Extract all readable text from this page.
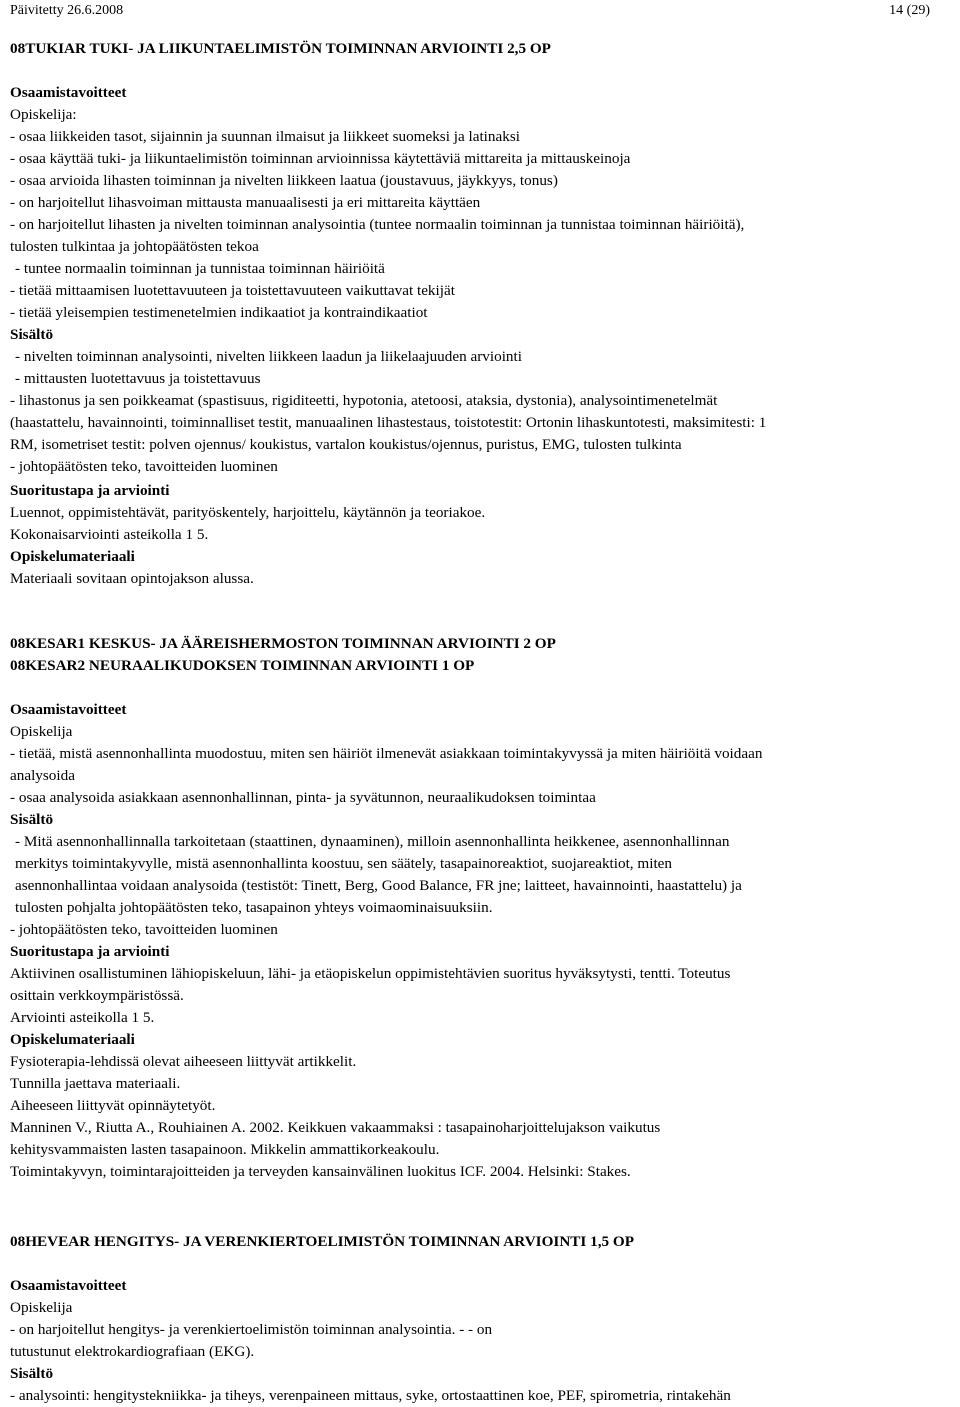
Päivitetty 26.6.2008	14 (29)
08TUKIAR TUKI- JA LIIKUNTAELIMISTÖN TOIMINNAN ARVIOINTI 2,5 OP
Osaamistavoitteet
Opiskelija:
- osaa liikkeiden tasot, sijainnin ja suunnan ilmaisut ja liikkeet suomeksi ja latinaksi
- osaa käyttää tuki- ja liikuntaelimistön toiminnan arvioinnissa käytettäviä mittareita ja mittauskeinoja
- osaa arvioida lihasten toiminnan ja nivelten liikkeen laatua (joustavuus, jäykkyys, tonus)
- on harjoitellut lihasvoiman mittausta manuaalisesti ja eri mittareita käyttäen
- on harjoitellut lihasten ja nivelten toiminnan analysointia (tuntee normaalin toiminnan ja tunnistaa toiminnan häiriöitä),
tulosten tulkintaa ja johtopäätösten tekoa
- tuntee normaalin toiminnan ja tunnistaa toiminnan häiriöitä
- tietää mittaamisen luotettavuuteen ja toistettavuuteen vaikuttavat tekijät
- tietää yleisempien testimenetelmien indikaatiot ja kontraindikaatiot
Sisältö
- nivelten toiminnan analysointi, nivelten liikkeen laadun ja liikelaajuuden arviointi
- mittausten luotettavuus ja toistettavuus
- lihastonus ja sen poikkeamat (spastisuus, rigiditeetti, hypotonia, atetoosi, ataksia, dystonia), analysointimenetelmät
(haastattelu, havainnointi, toiminnalliset testit, manuaalinen lihastestaus, toistotestit: Ortonin lihaskuntotesti, maksimitesti: 1
RM, isometriset testit: polven ojennus/ koukistus, vartalon koukistus/ojennus, puristus, EMG, tulosten tulkinta
- johtopäätösten teko, tavoitteiden luominen
Suoritustapa ja arviointi
Luennot, oppimistehtävät, parityöskentely, harjoittelu, käytännön ja teoriakoe.
Kokonaisarviointi asteikolla 1 5.
Opiskelumateriaali
Materiaali sovitaan opintojakson alussa.
08KESAR1 KESKUS- JA ÄÄREISHERMOSTON TOIMINNAN ARVIOINTI 2 OP
08KESAR2 NEURAALIKUDOKSEN TOIMINNAN ARVIOINTI 1 OP
Osaamistavoitteet
Opiskelija
- tietää, mistä asennonhallinta muodostuu, miten sen häiriöt ilmenevät asiakkaan toimintakyvyssä ja miten häiriöitä voidaan
analysoida
- osaa analysoida asiakkaan asennonhallinnan, pinta- ja syvätunnon, neuraalikudoksen toimintaa
Sisältö
- Mitä asennonhallinnalla tarkoitetaan (staattinen, dynaaminen), milloin asennonhallinta heikkenee, asennonhallinnan
merkitys toimintakyvylle, mistä asennonhallinta koostuu, sen säätely, tasapainoreaktiot, suojareaktiot, miten
asennonhallintaa voidaan analysoida (testistöt: Tinett, Berg, Good Balance, FR jne; laitteet, havainnointi, haastattelu) ja
tulosten pohjalta johtopäätösten teko, tasapainon yhteys voimaominaisuuksiin.
- johtopäätösten teko, tavoitteiden luominen
Suoritustapa ja arviointi
Aktiivinen osallistuminen lähiopiskeluun, lähi- ja etäopiskelun oppimistehtävien suoritus hyväksytysti, tentti. Toteutus
osittain verkkoympäristössä.
Arviointi asteikolla 1 5.
Opiskelumateriaali
Fysioterapia-lehdissä olevat aiheeseen liittyvät artikkelit.
Tunnilla jaettava materiaali.
Aiheeseen liittyvät opinnäytetyöt.
Manninen V., Riutta A., Rouhiainen A. 2002. Keikkuen vakaammaksi : tasapainoharjoittelujakson vaikutus
kehitysvammaisten lasten tasapainoon. Mikkelin ammattikorkeakoulu.
Toimintakyvyn, toimintarajoitteiden ja terveyden kansainvälinen luokitus ICF. 2004. Helsinki: Stakes.
08HEVEAR HENGITYS- JA VERENKIERTOELIMISTÖN TOIMINNAN ARVIOINTI 1,5 OP
Osaamistavoitteet
Opiskelija
- on harjoitellut hengitys- ja verenkiertoelimistön toiminnan analysointia. - - on
tutustunut elektrokardiografiaan (EKG).
Sisältö
- analysointi: hengitystekniikka- ja tiheys, verenpaineen mittaus, syke, ortostaattinen koe, PEF, spirometria, rintakehän
